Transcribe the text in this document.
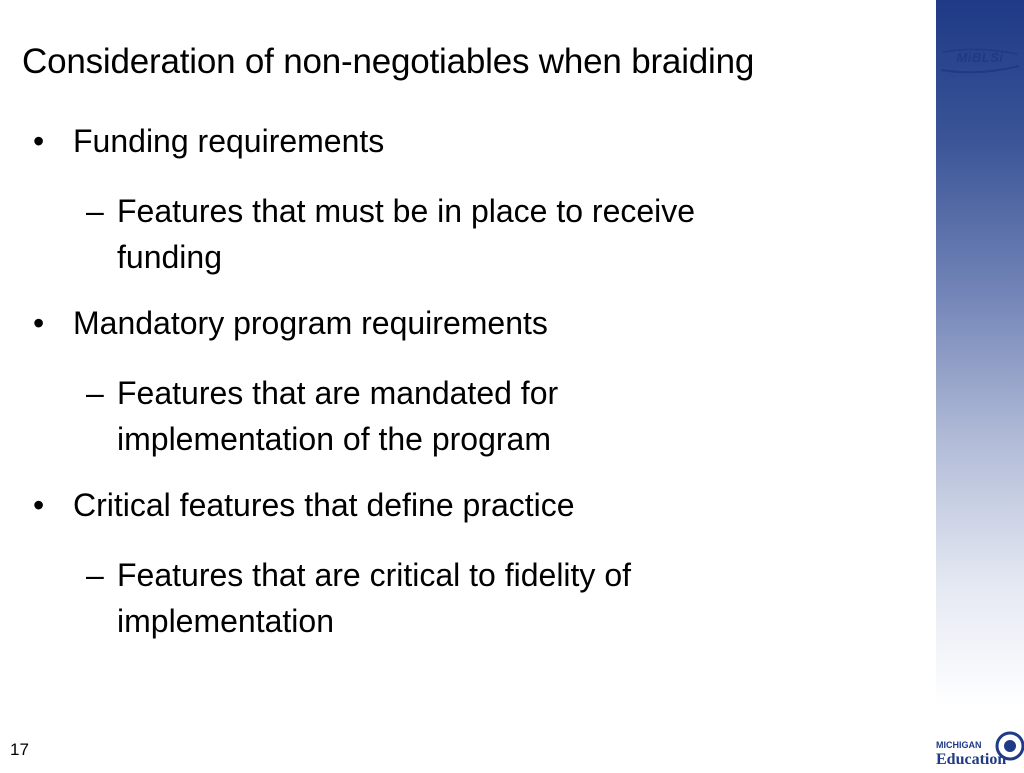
MiBLSi
Consideration of non-negotiables when braiding
• Funding requirements
– Features that must be in place to receive
funding
• Mandatory program requirements
– Features that are mandated for
implementation of the program
• Critical features that define practice
– Features that are critical to fidelity of
implementation
17	MICHIGAN
Education
